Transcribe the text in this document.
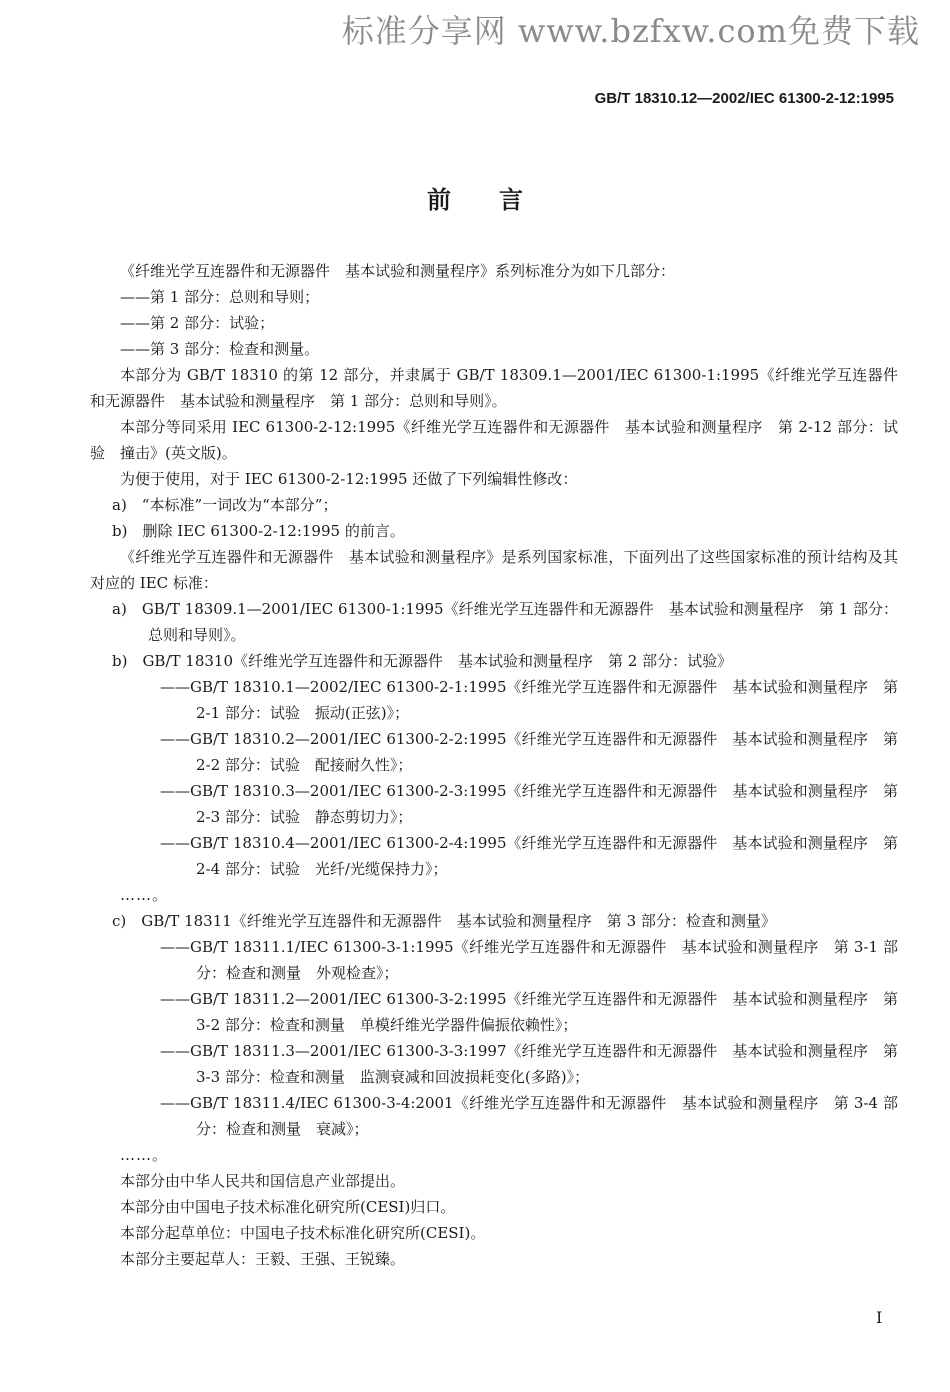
标准分享网 www.bzfxw.com免费下载
GB/T 18310.12—2002/IEC 61300-2-12:1995
前　　言

《纤维光学互连器件和无源器件　基本试验和测量程序》系列标准分为如下几部分：

——第 1 部分：总则和导则；

——第 2 部分：试验；

——第 3 部分：检查和测量。

本部分为 GB/T 18310 的第 12 部分，并隶属于 GB/T 18309.1—2001/IEC 61300-1:1995《纤维光学互连器件和无源器件　基本试验和测量程序　第 1 部分：总则和导则》。

本部分等同采用 IEC 61300-2-12:1995《纤维光学互连器件和无源器件　基本试验和测量程序　第 2-12 部分：试验　撞击》(英文版)。

为便于使用，对于 IEC 61300-2-12:1995 还做了下列编辑性修改：

a)　“本标准”一词改为“本部分”；

b)　删除 IEC 61300-2-12:1995 的前言。

《纤维光学互连器件和无源器件　基本试验和测量程序》是系列国家标准，下面列出了这些国家标准的预计结构及其对应的 IEC 标准：

a)　GB/T 18309.1—2001/IEC 61300-1:1995《纤维光学互连器件和无源器件　基本试验和测量程序　第 1 部分：总则和导则》。

b)　GB/T 18310《纤维光学互连器件和无源器件　基本试验和测量程序　第 2 部分：试验》

——GB/T 18310.1—2002/IEC 61300-2-1:1995《纤维光学互连器件和无源器件　基本试验和测量程序　第 2-1 部分：试验　振动(正弦)》；

——GB/T 18310.2—2001/IEC 61300-2-2:1995《纤维光学互连器件和无源器件　基本试验和测量程序　第 2-2 部分：试验　配接耐久性》；

——GB/T 18310.3—2001/IEC 61300-2-3:1995《纤维光学互连器件和无源器件　基本试验和测量程序　第 2-3 部分：试验　静态剪切力》；

——GB/T 18310.4—2001/IEC 61300-2-4:1995《纤维光学互连器件和无源器件　基本试验和测量程序　第 2-4 部分：试验　光纤/光缆保持力》；

……。

c)　GB/T 18311《纤维光学互连器件和无源器件　基本试验和测量程序　第 3 部分：检查和测量》

——GB/T 18311.1/IEC 61300-3-1:1995《纤维光学互连器件和无源器件　基本试验和测量程序　第 3-1 部分：检查和测量　外观检查》；

——GB/T 18311.2—2001/IEC 61300-3-2:1995《纤维光学互连器件和无源器件　基本试验和测量程序　第 3-2 部分：检查和测量　单模纤维光学器件偏振依赖性》；

——GB/T 18311.3—2001/IEC 61300-3-3:1997《纤维光学互连器件和无源器件　基本试验和测量程序　第 3-3 部分：检查和测量　监测衰减和回波损耗变化(多路)》；

——GB/T 18311.4/IEC 61300-3-4:2001《纤维光学互连器件和无源器件　基本试验和测量程序　第 3-4 部分：检查和测量　衰减》；

……。

本部分由中华人民共和国信息产业部提出。

本部分由中国电子技术标准化研究所(CESI)归口。

本部分起草单位：中国电子技术标准化研究所(CESI)。

本部分主要起草人：王毅、王强、王锐臻。

I
